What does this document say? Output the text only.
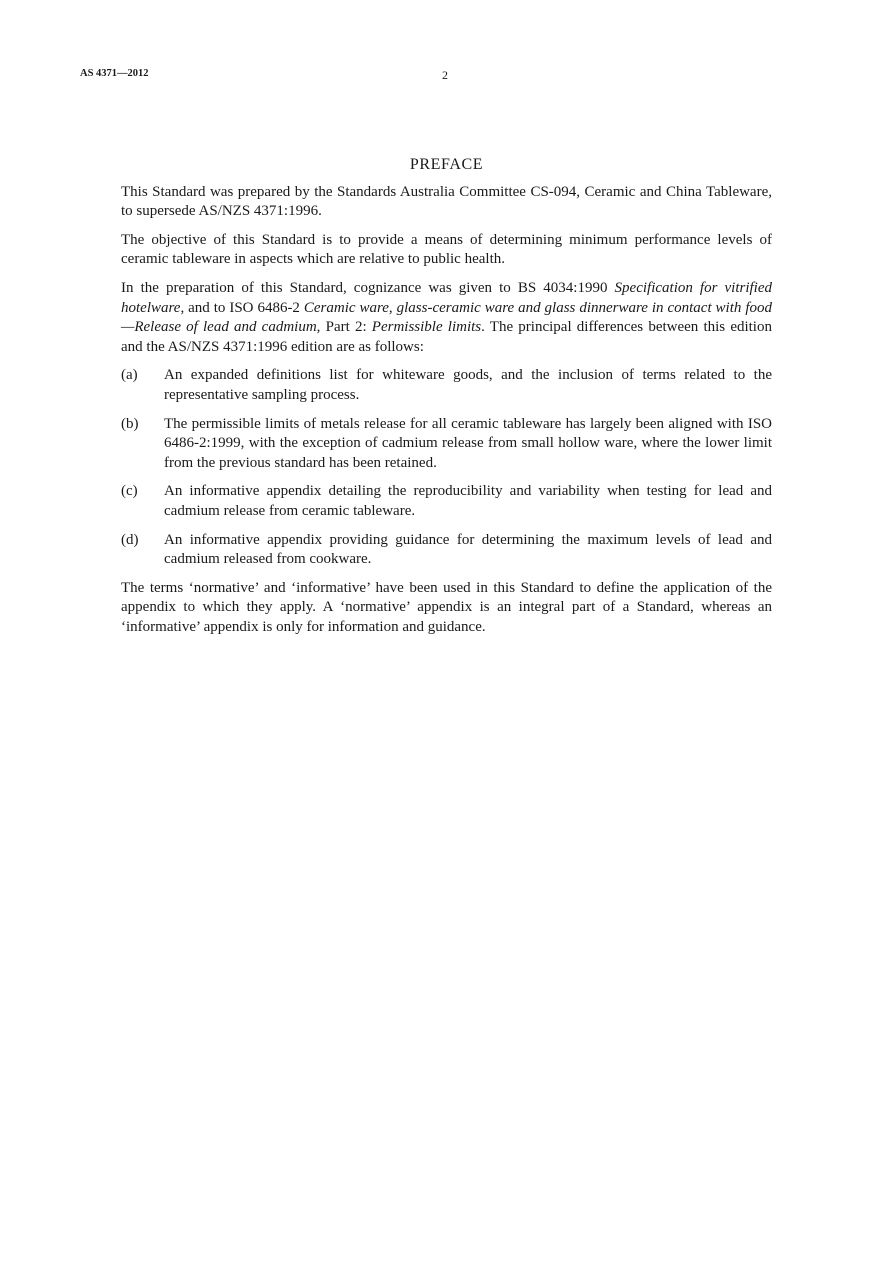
AS 4371—2012	2
PREFACE

This Standard was prepared by the Standards Australia Committee CS-094, Ceramic and China Tableware, to supersede AS/NZS 4371:1996.

The objective of this Standard is to provide a means of determining minimum performance levels of ceramic tableware in aspects which are relative to public health.

In the preparation of this Standard, cognizance was given to BS 4034:1990 Specification for vitrified hotelware, and to ISO 6486-2 Ceramic ware, glass-ceramic ware and glass dinnerware in contact with food—Release of lead and cadmium, Part 2: Permissible limits. The principal differences between this edition and the AS/NZS 4371:1996 edition are as follows:

(a)	An expanded definitions list for whiteware goods, and the inclusion of terms related to the representative sampling process.
(b)	The permissible limits of metals release for all ceramic tableware has largely been aligned with ISO 6486-2:1999, with the exception of cadmium release from small hollow ware, where the lower limit from the previous standard has been retained.
(c)	An informative appendix detailing the reproducibility and variability when testing for lead and cadmium release from ceramic tableware.
(d)	An informative appendix providing guidance for determining the maximum levels of lead and cadmium released from cookware.

The terms ‘normative’ and ‘informative’ have been used in this Standard to define the application of the appendix to which they apply. A ‘normative’ appendix is an integral part of a Standard, whereas an ‘informative’ appendix is only for information and guidance.
